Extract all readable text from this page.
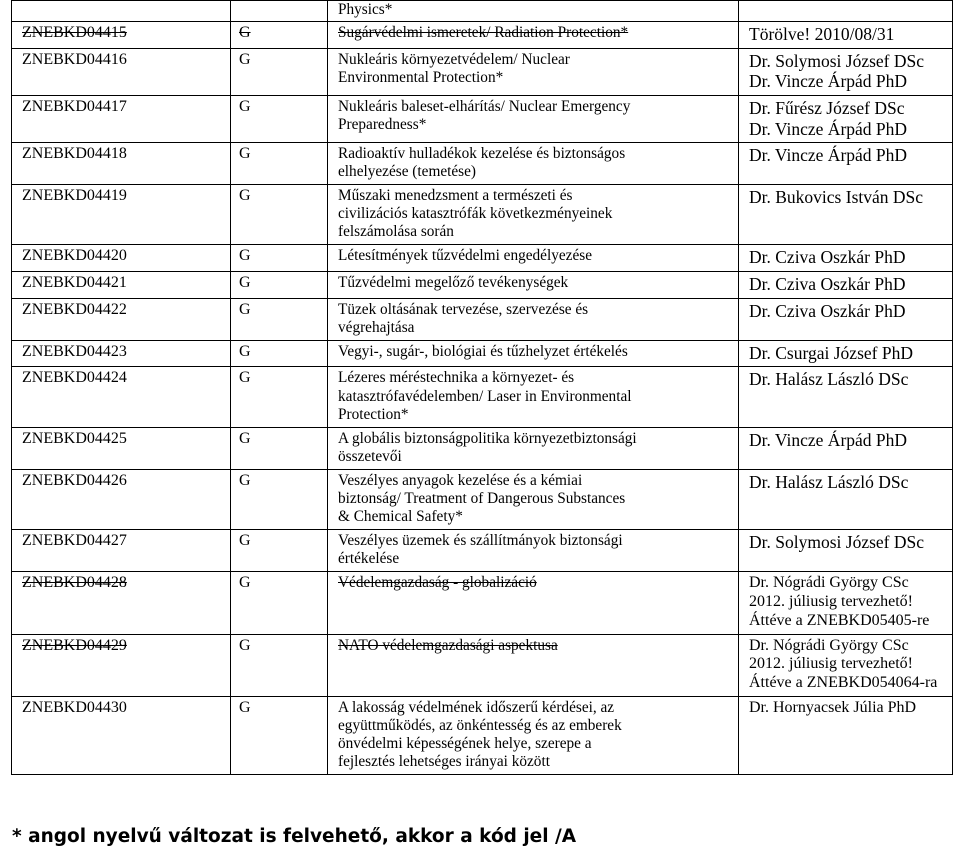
		Physics*	
ZNEBKD04415	G	Sugárvédelmi ismeretek/ Radiation Protection*	Törölve! 2010/08/31

ZNEBKD04416	G	Nukleáris környezetvédelem/ Nuclear
Environmental Protection*	Dr. Solymosi József DSc
Dr. Vincze Árpád PhD

ZNEBKD04417	G	Nukleáris baleset-elhárítás/ Nuclear Emergency
Preparedness*	Dr. Fűrész József DSc
Dr. Vincze Árpád PhD

ZNEBKD04418	G	Radioaktív hulladékok kezelése és biztonságos
elhelyezése (temetése)	Dr. Vincze Árpád PhD

ZNEBKD04419	G	Műszaki menedzsment a természeti és
civilizációs katasztrófák következményeinek
felszámolása során	Dr. Bukovics István DSc

ZNEBKD04420	G	Létesítmények tűzvédelmi engedélyezése	Dr. Cziva Oszkár PhD

ZNEBKD04421	G	Tűzvédelmi megelőző tevékenységek	Dr. Cziva Oszkár PhD

ZNEBKD04422	G	Tüzek oltásának tervezése, szervezése és
végrehajtása	Dr. Cziva Oszkár PhD

ZNEBKD04423	G	Vegyi-, sugár-, biológiai és tűzhelyzet értékelés	Dr. Csurgai József PhD

ZNEBKD04424	G	Lézeres méréstechnika a környezet- és
katasztrófavédelemben/ Laser in Environmental
Protection*	Dr. Halász László DSc

ZNEBKD04425	G	A globális biztonságpolitika környezetbiztonsági
összetevői	Dr. Vincze Árpád PhD

ZNEBKD04426	G	Veszélyes anyagok kezelése és a kémiai
biztonság/ Treatment of Dangerous Substances
& Chemical Safety*	Dr. Halász László DSc

ZNEBKD04427	G	Veszélyes üzemek és szállítmányok biztonsági
értékelése	Dr. Solymosi József DSc

ZNEBKD04428	G	Védelemgazdaság - globalizáció	Dr. Nógrádi György CSc
2012. júliusig tervezhető!
Áttéve a ZNEBKD05405-re

ZNEBKD04429	G	NATO védelemgazdasági aspektusa	Dr. Nógrádi György CSc
2012. júliusig tervezhető!
Áttéve a ZNEBKD054064-ra

ZNEBKD04430	G	A lakosság védelmének időszerű kérdései, az
együttműködés, az önkéntesség és az emberek
önvédelmi képességének helye, szerepe a
fejlesztés lehetséges irányai között	Dr. Hornyacsek Júlia PhD
* angol nyelvű változat is felvehető, akkor a kód jel /A
